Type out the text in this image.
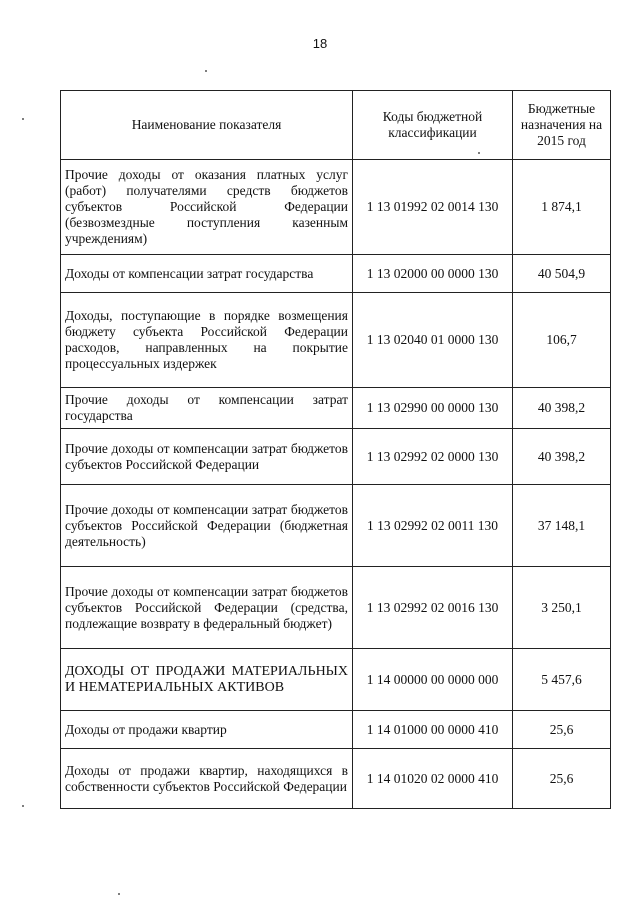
18
Наименование показателя	Коды бюджетной классификации	Бюджетные назначения на 2015 год
Прочие доходы от оказания платных услуг (работ) получателями средств бюджетов субъектов Российской Федерации (безвозмездные поступления казенным учреждениям)	1 13 01992 02 0014 130	1 874,1
Доходы от компенсации затрат государства	1 13 02000 00 0000 130	40 504,9
Доходы, поступающие в порядке возмещения бюджету субъекта Российской Федерации расходов, направленных на покрытие процессуальных издержек	1 13 02040 01 0000 130	106,7
Прочие доходы от компенсации затрат государства	1 13 02990 00 0000 130	40 398,2
Прочие доходы от компенсации затрат бюджетов субъектов Российской Федерации	1 13 02992 02 0000 130	40 398,2
Прочие доходы от компенсации затрат бюджетов субъектов Российской Федерации (бюджетная деятельность)	1 13 02992 02 0011 130	37 148,1
Прочие доходы от компенсации затрат бюджетов субъектов Российской Федерации (средства, подлежащие возврату в федеральный бюджет)	1 13 02992 02 0016 130	3 250,1
ДОХОДЫ ОТ ПРОДАЖИ МАТЕРИАЛЬНЫХ И НЕМАТЕРИАЛЬНЫХ АКТИВОВ	1 14 00000 00 0000 000	5 457,6
Доходы от продажи квартир	1 14 01000 00 0000 410	25,6
Доходы от продажи квартир, находящихся в собственности субъектов Российской Федерации	1 14 01020 02 0000 410	25,6
